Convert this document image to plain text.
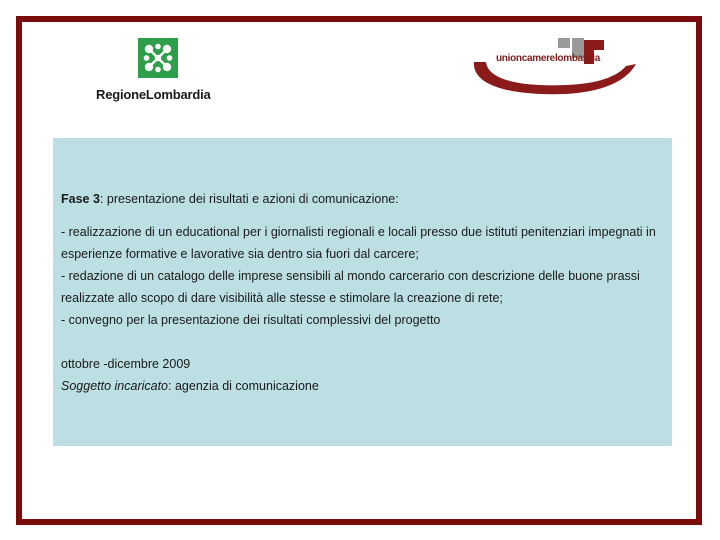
RegioneLombardia
unioncamerelombardia

Fase 3: presentazione dei risultati e azioni di comunicazione:

- realizzazione di un educational per i giornalisti regionali e locali presso due istituti penitenziari impegnati in esperienze formative e lavorative sia dentro sia fuori dal carcere;

- redazione di un catalogo delle imprese sensibili al mondo carcerario con descrizione delle buone prassi realizzate allo scopo di dare visibilità alle stesse e stimolare la creazione di rete;

- convegno per la presentazione dei risultati complessivi del progetto

ottobre -dicembre 2009

Soggetto incaricato: agenzia di comunicazione
